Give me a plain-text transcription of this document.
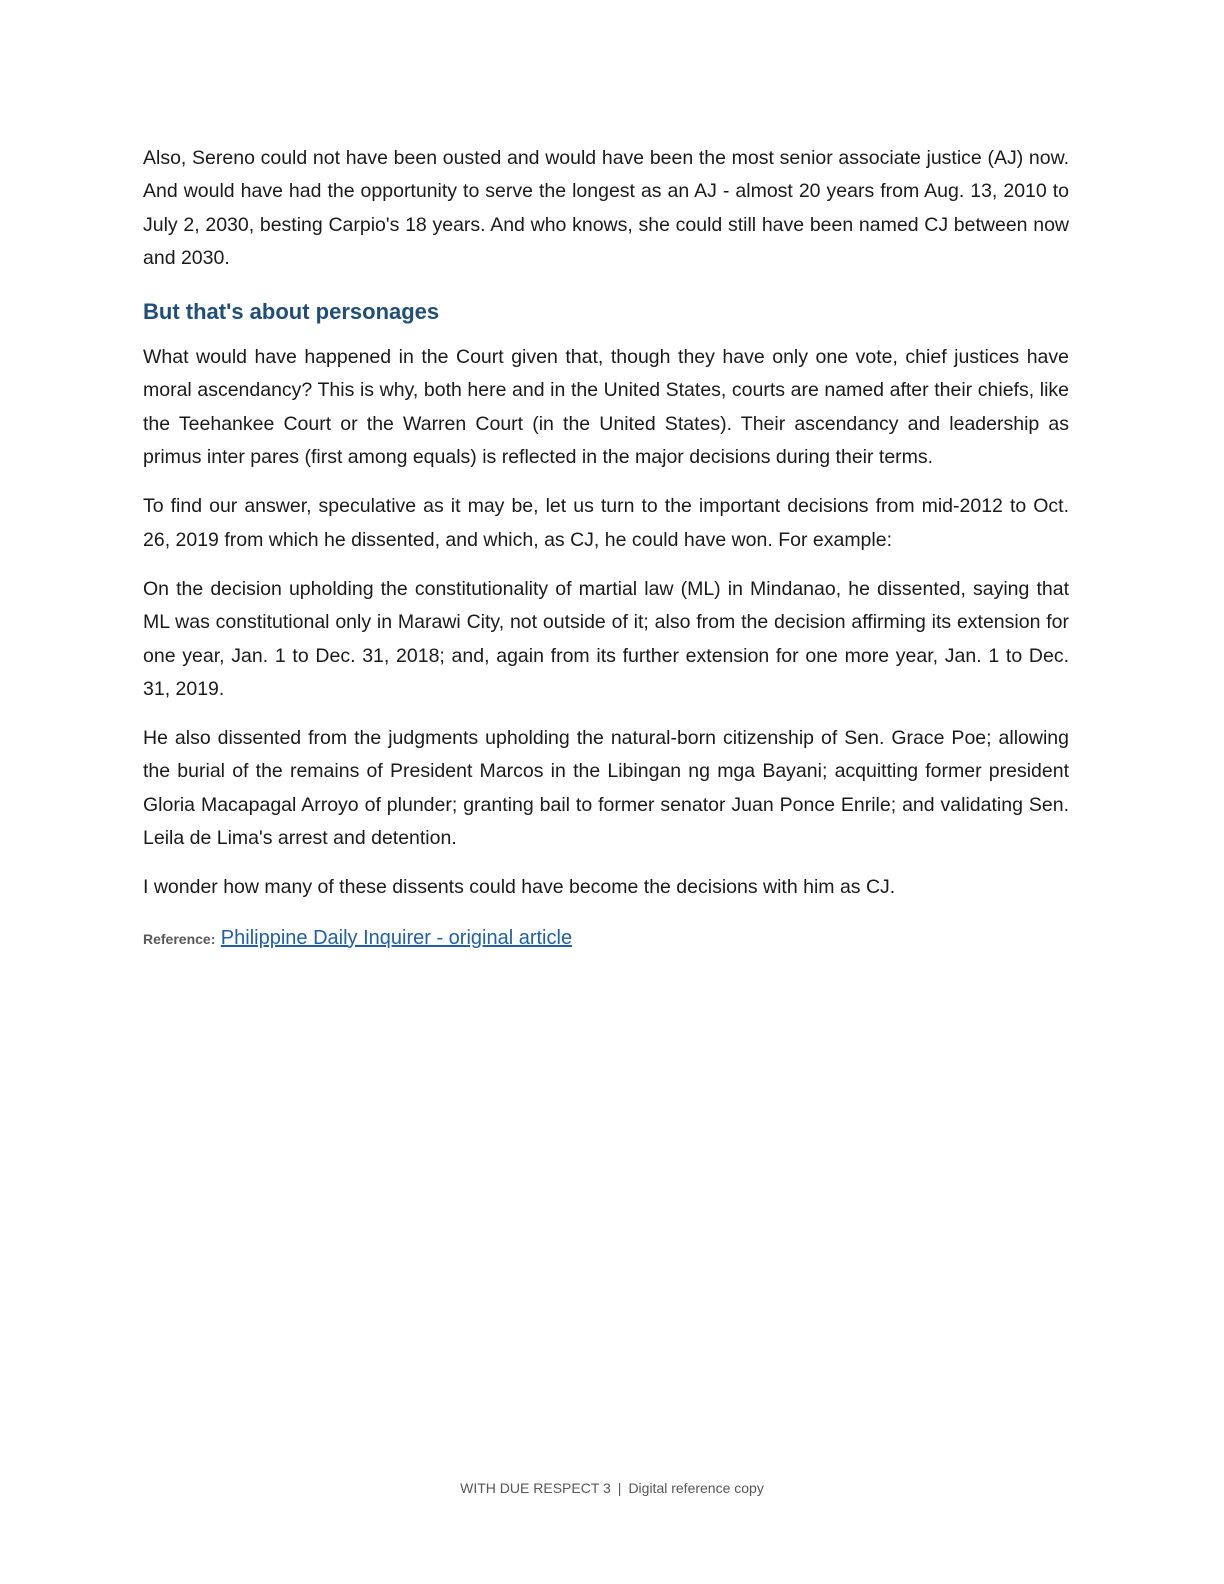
Also, Sereno could not have been ousted and would have been the most senior associate justice (AJ) now. And would have had the opportunity to serve the longest as an AJ - almost 20 years from Aug. 13, 2010 to July 2, 2030, besting Carpio's 18 years. And who knows, she could still have been named CJ between now and 2030.

But that's about personages

What would have happened in the Court given that, though they have only one vote, chief justices have moral ascendancy? This is why, both here and in the United States, courts are named after their chiefs, like the Teehankee Court or the Warren Court (in the United States). Their ascendancy and leadership as primus inter pares (first among equals) is reflected in the major decisions during their terms.

To find our answer, speculative as it may be, let us turn to the important decisions from mid-2012 to Oct. 26, 2019 from which he dissented, and which, as CJ, he could have won. For example:

On the decision upholding the constitutionality of martial law (ML) in Mindanao, he dissented, saying that ML was constitutional only in Marawi City, not outside of it; also from the decision affirming its extension for one year, Jan. 1 to Dec. 31, 2018; and, again from its further extension for one more year, Jan. 1 to Dec. 31, 2019.

He also dissented from the judgments upholding the natural-born citizenship of Sen. Grace Poe; allowing the burial of the remains of President Marcos in the Libingan ng mga Bayani; acquitting former president Gloria Macapagal Arroyo of plunder; granting bail to former senator Juan Ponce Enrile; and validating Sen. Leila de Lima's arrest and detention.

I wonder how many of these dissents could have become the decisions with him as CJ.

Reference: Philippine Daily Inquirer - original article
WITH DUE RESPECT 3 | Digital reference copy
